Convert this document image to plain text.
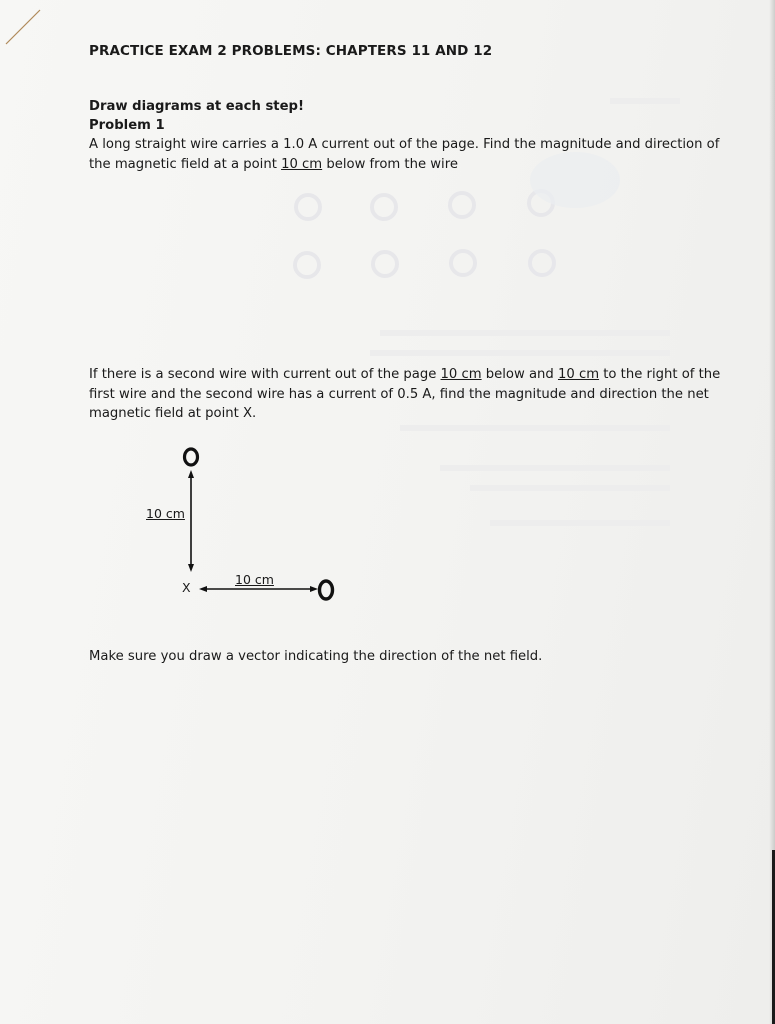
PRACTICE EXAM 2 PROBLEMS: CHAPTERS 11 AND 12
Draw diagrams at each step!
Problem 1
A long straight wire carries a 1.0 A current out of the page. Find the magnitude and direction of
the magnetic field at a point 10 cm below from the wire
If there is a second wire with current out of the page 10 cm below and 10 cm to the right of the
first wire and the second wire has a current of 0.5 A, find the magnitude and direction the net
magnetic field at point X.
10 cm
10 cm
X
Make sure you draw a vector indicating the direction of the net field.
